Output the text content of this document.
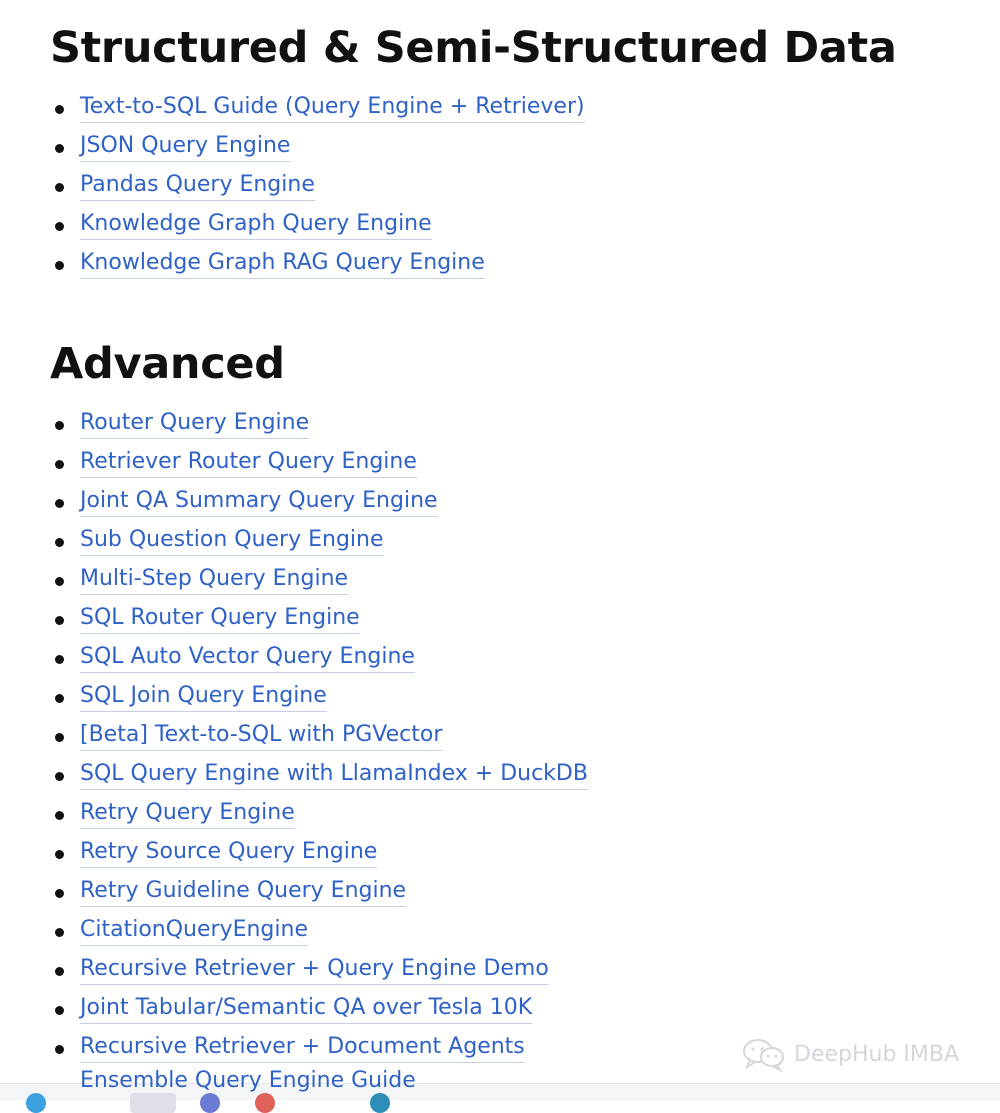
Structured & Semi-Structured Data
Text-to-SQL Guide (Query Engine + Retriever)
JSON Query Engine
Pandas Query Engine
Knowledge Graph Query Engine
Knowledge Graph RAG Query Engine
Advanced
Router Query Engine
Retriever Router Query Engine
Joint QA Summary Query Engine
Sub Question Query Engine
Multi-Step Query Engine
SQL Router Query Engine
SQL Auto Vector Query Engine
SQL Join Query Engine
[Beta] Text-to-SQL with PGVector
SQL Query Engine with LlamaIndex + DuckDB
Retry Query Engine
Retry Source Query Engine
Retry Guideline Query Engine
CitationQueryEngine
Recursive Retriever + Query Engine Demo
Joint Tabular/Semantic QA over Tesla 10K
Recursive Retriever + Document Agents	DeepHub IMBA
Ensemble Query Engine Guide
